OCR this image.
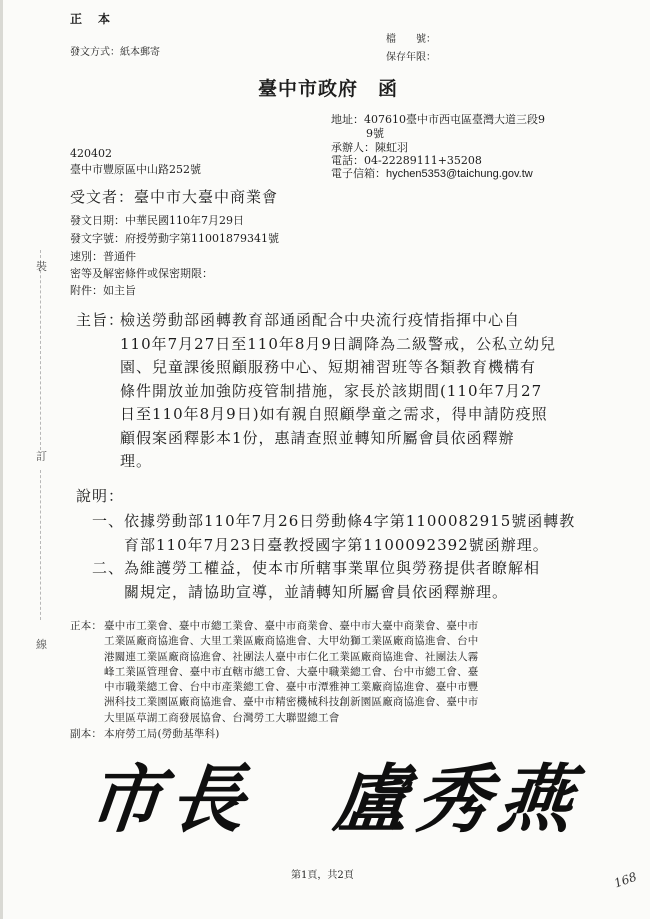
正　本
發文方式：紙本郵寄
檔　　號：
保存年限：
臺中市政府　函
地址：407610臺中市西屯區臺灣大道三段9
9號
承辦人：陳虹羽
電話：04-22289111+35208
電子信箱：hychen5353@taichung.gov.tw
420402
臺中市豐原區中山路252號
受文者：臺中市大臺中商業會
發文日期：中華民國110年7月29日
發文字號：府授勞動字第11001879341號
速別：普通件
密等及解密條件或保密期限：
附件：如主旨
裝
訂
線
主旨：
檢送勞動部函轉教育部通函配合中央流行疫情指揮中心自
110年7月27日至110年8月9日調降為二級警戒，公私立幼兒
園、兒童課後照顧服務中心、短期補習班等各類教育機構有
條件開放並加強防疫管制措施，家長於該期間(110年7月27
日至110年8月9日)如有親自照顧學童之需求，得申請防疫照
顧假案函釋影本1份，惠請查照並轉知所屬會員依函釋辦
理。
說明：
一、 依據勞動部110年7月26日勞動條4字第1100082915號函轉教
育部110年7月23日臺教授國字第1100092392號函辦理。
二、 為維護勞工權益，使本市所轄事業單位與勞務提供者瞭解相
關規定，請協助宣導，並請轉知所屬會員依函釋辦理。
正本： 臺中市工業會、臺中市總工業會、臺中市商業會、臺中市大臺中商業會、臺中市
工業區廠商協進會、大里工業區廠商協進會、大甲幼獅工業區廠商協進會、台中
港關連工業區廠商協進會、社團法人臺中市仁化工業區廠商協進會、社團法人霧
峰工業區管理會、臺中市直轄市總工會、大臺中職業總工會、台中市總工會、臺
中市職業總工會、台中市產業總工會、臺中市潭雅神工業廠商協進會、臺中市豐
洲科技工業園區廠商協進會、臺中市精密機械科技創新園區廠商協進會、臺中市
大里區草湖工商發展協會、台灣勞工大聯盟總工會
副本： 本府勞工局(勞動基準科)
市長　盧秀燕
第1頁，共2頁	168
